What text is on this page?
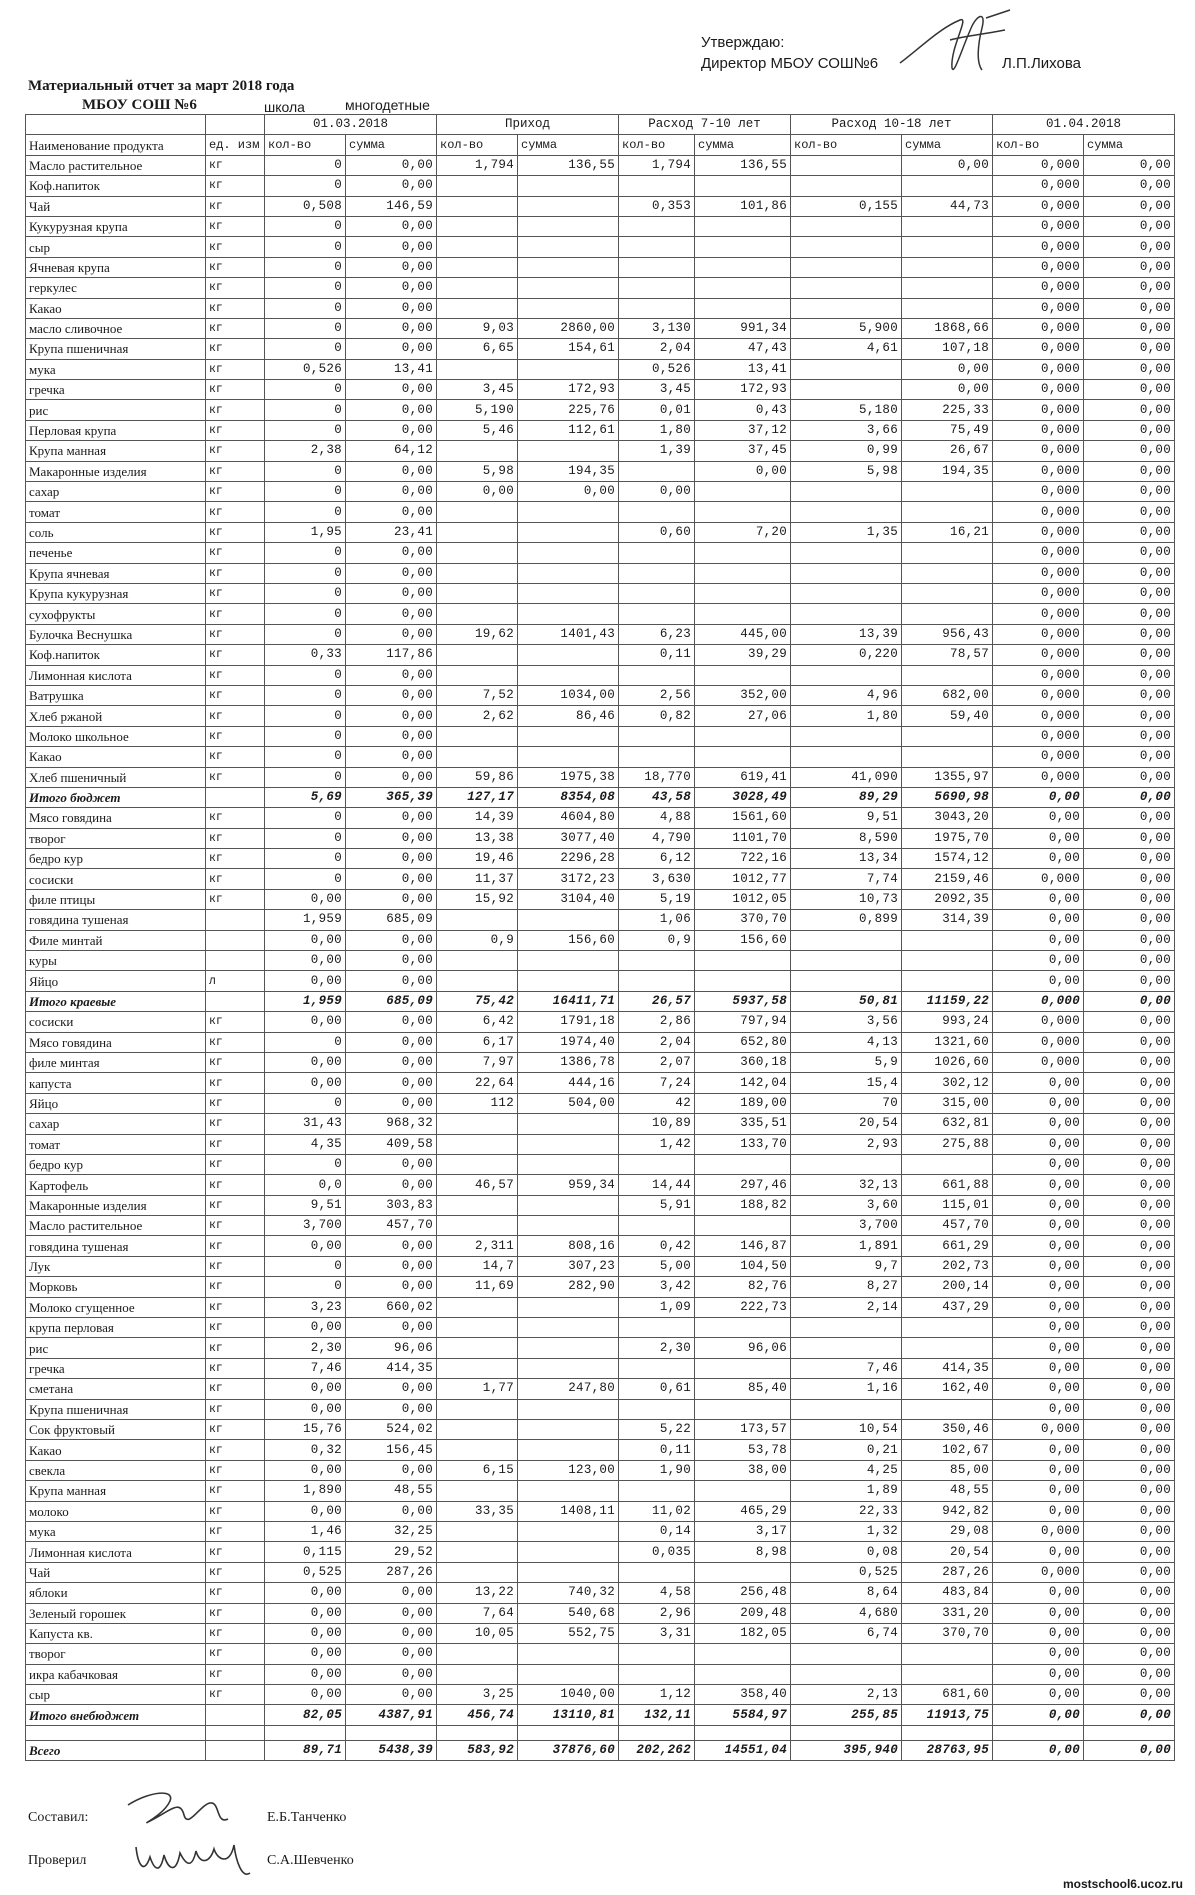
Утверждаю:
Директор МБОУ СОШ№6	Л.П.Лихова
Материальный отчет за март 2018 года
МБОУ СОШ №6	школа	многодетные
		01.03.2018		Приход		Расход 7-10 лет		Расход 10-18 лет		01.04.2018	
Наименование продукта	ед. изм	кол-во	сумма	кол-во	сумма	кол-во	сумма	кол-во	сумма	кол-во	сумма
Масло растительное	кг	0	0,00	1,794	136,55	1,794	136,55		0,00	0,000	0,00
Коф.напиток	кг	0	0,00							0,000	0,00
Чай	кг	0,508	146,59			0,353	101,86	0,155	44,73	0,000	0,00
Кукурузная крупа	кг	0	0,00							0,000	0,00
сыр	кг	0	0,00							0,000	0,00
Ячневая крупа	кг	0	0,00							0,000	0,00
геркулес	кг	0	0,00							0,000	0,00
Какао	кг	0	0,00							0,000	0,00
масло сливочное	кг	0	0,00	9,03	2860,00	3,130	991,34	5,900	1868,66	0,000	0,00
Крупа пшеничная	кг	0	0,00	6,65	154,61	2,04	47,43	4,61	107,18	0,000	0,00
мука	кг	0,526	13,41			0,526	13,41		0,00	0,000	0,00
гречка	кг	0	0,00	3,45	172,93	3,45	172,93		0,00	0,000	0,00
рис	кг	0	0,00	5,190	225,76	0,01	0,43	5,180	225,33	0,000	0,00
Перловая крупа	кг	0	0,00	5,46	112,61	1,80	37,12	3,66	75,49	0,000	0,00
Крупа манная	кг	2,38	64,12			1,39	37,45	0,99	26,67	0,000	0,00
Макаронные изделия	кг	0	0,00	5,98	194,35		0,00	5,98	194,35	0,000	0,00
сахар	кг	0	0,00	0,00	0,00	0,00				0,000	0,00
томат	кг	0	0,00							0,000	0,00
соль	кг	1,95	23,41			0,60	7,20	1,35	16,21	0,000	0,00
печенье	кг	0	0,00							0,000	0,00
Крупа ячневая	кг	0	0,00							0,000	0,00
Крупа кукурузная	кг	0	0,00							0,000	0,00
сухофрукты	кг	0	0,00							0,000	0,00
Булочка Веснушка	кг	0	0,00	19,62	1401,43	6,23	445,00	13,39	956,43	0,000	0,00
Коф.напиток	кг	0,33	117,86			0,11	39,29	0,220	78,57	0,000	0,00
Лимонная кислота	кг	0	0,00							0,000	0,00
Ватрушка	кг	0	0,00	7,52	1034,00	2,56	352,00	4,96	682,00	0,000	0,00
Хлеб ржаной	кг	0	0,00	2,62	86,46	0,82	27,06	1,80	59,40	0,000	0,00
Молоко школьное	кг	0	0,00							0,000	0,00
Какао	кг	0	0,00							0,000	0,00
Хлеб пшеничный	кг	0	0,00	59,86	1975,38	18,770	619,41	41,090	1355,97	0,000	0,00
Итого бюджет		5,69	365,39	127,17	8354,08	43,58	3028,49	89,29	5690,98	0,00	0,00
Мясо говядина	кг	0	0,00	14,39	4604,80	4,88	1561,60	9,51	3043,20	0,00	0,00
творог	кг	0	0,00	13,38	3077,40	4,790	1101,70	8,590	1975,70	0,00	0,00
бедро кур	кг	0	0,00	19,46	2296,28	6,12	722,16	13,34	1574,12	0,00	0,00
сосиски	кг	0	0,00	11,37	3172,23	3,630	1012,77	7,74	2159,46	0,000	0,00
филе птицы	кг	0,00	0,00	15,92	3104,40	5,19	1012,05	10,73	2092,35	0,00	0,00
говядина тушеная		1,959	685,09			1,06	370,70	0,899	314,39	0,00	0,00
Филе минтай		0,00	0,00	0,9	156,60	0,9	156,60			0,00	0,00
куры		0,00	0,00							0,00	0,00
Яйцо	л	0,00	0,00							0,00	0,00
Итого краевые		1,959	685,09	75,42	16411,71	26,57	5937,58	50,81	11159,22	0,000	0,00
сосиски	кг	0,00	0,00	6,42	1791,18	2,86	797,94	3,56	993,24	0,000	0,00
Мясо говядина	кг	0	0,00	6,17	1974,40	2,04	652,80	4,13	1321,60	0,000	0,00
филе минтая	кг	0,00	0,00	7,97	1386,78	2,07	360,18	5,9	1026,60	0,000	0,00
капуста	кг	0,00	0,00	22,64	444,16	7,24	142,04	15,4	302,12	0,00	0,00
Яйцо	кг	0	0,00	112	504,00	42	189,00	70	315,00	0,00	0,00
сахар	кг	31,43	968,32			10,89	335,51	20,54	632,81	0,00	0,00
томат	кг	4,35	409,58			1,42	133,70	2,93	275,88	0,00	0,00
бедро кур	кг	0	0,00							0,00	0,00
Картофель	кг	0,0	0,00	46,57	959,34	14,44	297,46	32,13	661,88	0,00	0,00
Макаронные изделия	кг	9,51	303,83			5,91	188,82	3,60	115,01	0,00	0,00
Масло растительное	кг	3,700	457,70					3,700	457,70	0,00	0,00
говядина тушеная	кг	0,00	0,00	2,311	808,16	0,42	146,87	1,891	661,29	0,00	0,00
Лук	кг	0	0,00	14,7	307,23	5,00	104,50	9,7	202,73	0,00	0,00
Морковь	кг	0	0,00	11,69	282,90	3,42	82,76	8,27	200,14	0,00	0,00
Молоко сгущенное	кг	3,23	660,02			1,09	222,73	2,14	437,29	0,00	0,00
крупа перловая	кг	0,00	0,00							0,00	0,00
рис	кг	2,30	96,06			2,30	96,06			0,00	0,00
гречка	кг	7,46	414,35					7,46	414,35	0,00	0,00
сметана	кг	0,00	0,00	1,77	247,80	0,61	85,40	1,16	162,40	0,00	0,00
Крупа пшеничная	кг	0,00	0,00							0,00	0,00
Сок фруктовый	кг	15,76	524,02			5,22	173,57	10,54	350,46	0,000	0,00
Какао	кг	0,32	156,45			0,11	53,78	0,21	102,67	0,00	0,00
свекла	кг	0,00	0,00	6,15	123,00	1,90	38,00	4,25	85,00	0,00	0,00
Крупа манная	кг	1,890	48,55					1,89	48,55	0,00	0,00
молоко	кг	0,00	0,00	33,35	1408,11	11,02	465,29	22,33	942,82	0,00	0,00
мука	кг	1,46	32,25			0,14	3,17	1,32	29,08	0,000	0,00
Лимонная кислота	кг	0,115	29,52			0,035	8,98	0,08	20,54	0,00	0,00
Чай	кг	0,525	287,26					0,525	287,26	0,000	0,00
яблоки	кг	0,00	0,00	13,22	740,32	4,58	256,48	8,64	483,84	0,00	0,00
Зеленый горошек	кг	0,00	0,00	7,64	540,68	2,96	209,48	4,680	331,20	0,00	0,00
Капуста кв.	кг	0,00	0,00	10,05	552,75	3,31	182,05	6,74	370,70	0,00	0,00
творог	кг	0,00	0,00							0,00	0,00
икра кабачковая	кг	0,00	0,00							0,00	0,00
сыр	кг	0,00	0,00	3,25	1040,00	1,12	358,40	2,13	681,60	0,00	0,00
Итого внебюджет		82,05	4387,91	456,74	13110,81	132,11	5584,97	255,85	11913,75	0,00	0,00

Всего		89,71	5438,39	583,92	37876,60	202,262	14551,04	395,940	28763,95	0,00	0,00
Составил:	Е.Б.Танченко
Проверил	С.А.Шевченко
mostschool6.ucoz.ru
